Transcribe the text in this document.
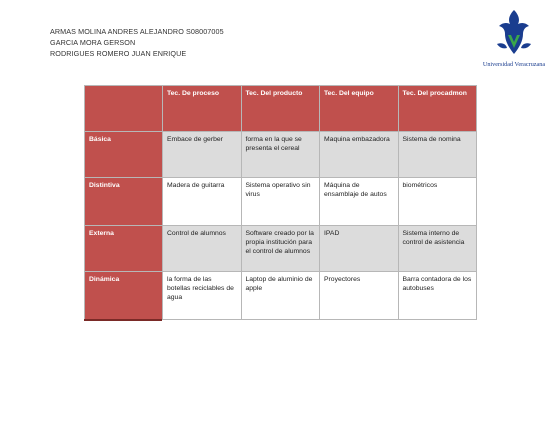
ARMAS MOLINA ANDRES ALEJANDRO S08007005
GARCIA MORA GERSON
RODRIGUES ROMERO JUAN ENRIQUE
Universidad Veracruzana
	Tec. De proceso	Tec. Del producto	Tec. Del equipo	Tec. Del procadmon
Básica	Embace de gerber	forma en la que se presenta el cereal	Maquina embazadora	Sistema de nomina
Distintiva	Madera de guitarra	Sistema operativo sin virus	Máquina de ensamblaje de autos	biométricos
Externa	Control de alumnos	Software creado por la propia institución para el control de alumnos	IPAD	Sistema interno de control de asistencia
Dinámica	la forma de las botellas reciclables de agua	Laptop de aluminio de apple	Proyectores	Barra contadora de los autobuses
